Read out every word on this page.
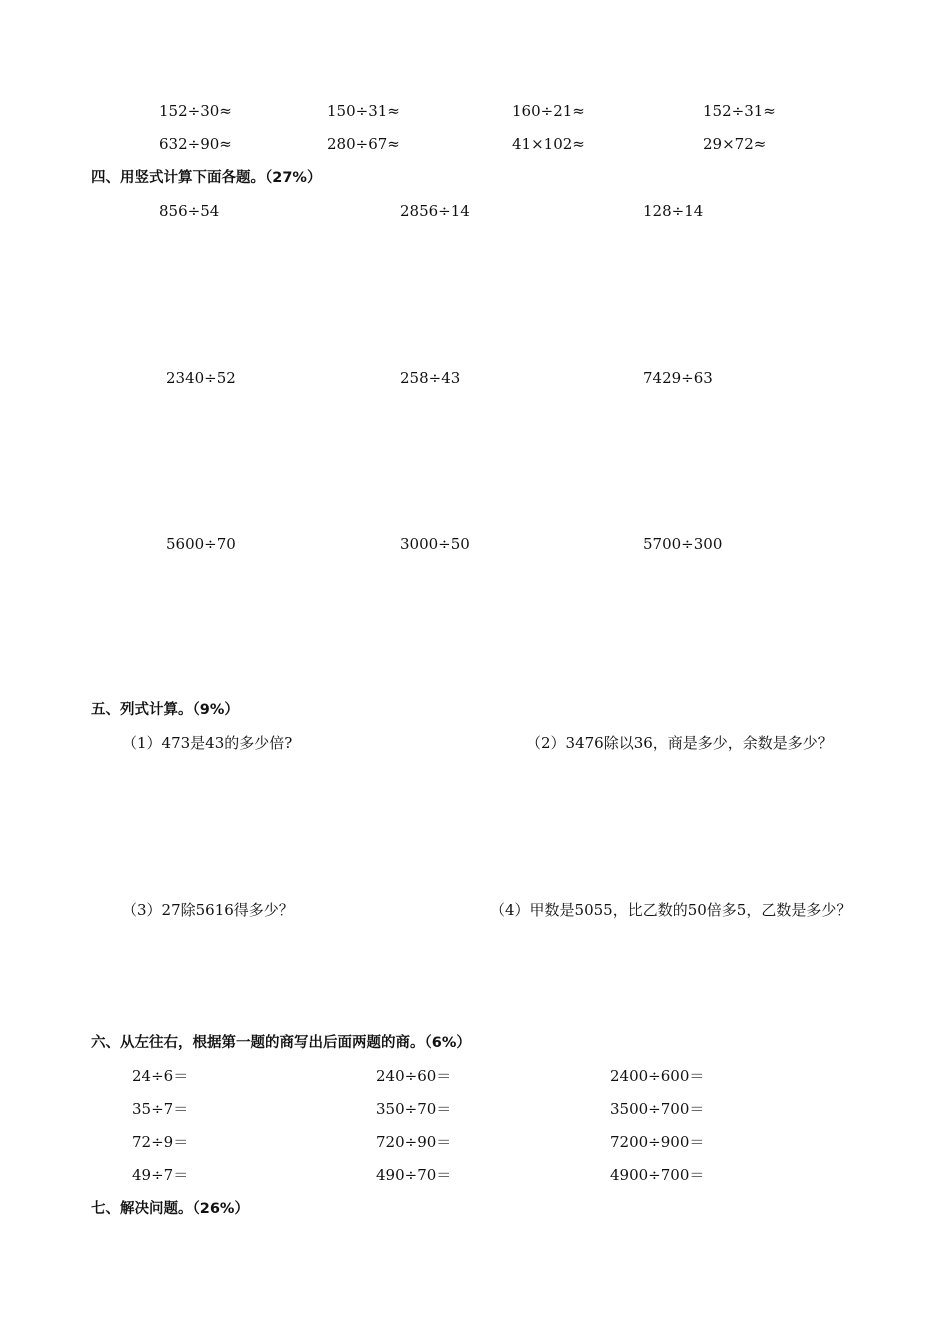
152÷30≈	150÷31≈	160÷21≈	152÷31≈
632÷90≈	280÷67≈	41×102≈	29×72≈
四、用竖式计算下面各题。（27%）
856÷54	2856÷14	128÷14
2340÷52	258÷43	7429÷63
5600÷70	3000÷50	5700÷300
五、列式计算。（9%）
（1）473是43的多少倍?	（2）3476除以36，商是多少，余数是多少？
（3）27除5616得多少？	（4）甲数是5055，比乙数的50倍多5，乙数是多少？
六、从左往右，根据第一题的商写出后面两题的商。（6%）
24÷6＝	240÷60＝	2400÷600＝
35÷7＝	350÷70＝	3500÷700＝
72÷9＝	720÷90＝	7200÷900＝
49÷7＝	490÷70＝	4900÷700＝
七、解决问题。（26%）
